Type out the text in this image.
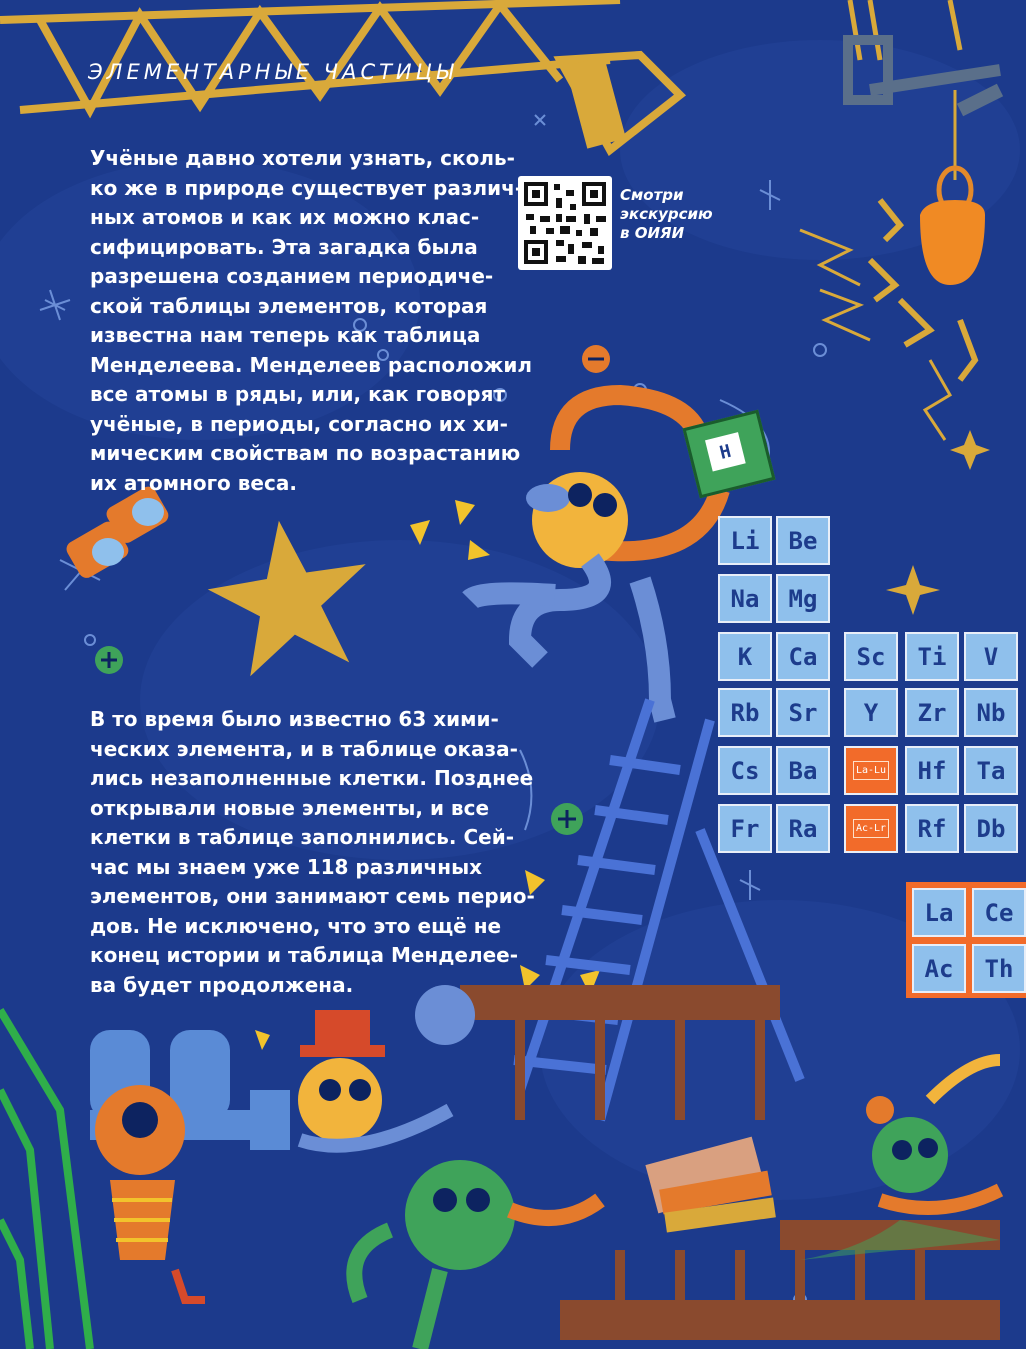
ЭЛЕМЕНТАРНЫЕ ЧАСТИЦЫ
Учёные давно хотели узнать, сколь-
ко же в природе существует различ-
ных атомов и как их можно клас-
сифицировать. Эта загадка была
разрешена созданием периодиче-
ской таблицы элементов, которая
известна нам теперь как таблица
Менделеева. Менделеев расположил
все атомы в ряды, или, как говорят
учёные, в периоды, согласно их хи-
мическим свойствам по возрастанию
их атомного веса.
В то время было известно 63 хими-
ческих элемента, и в таблице оказа-
лись незаполненные клетки. Позднее
открывали новые элементы, и все
клетки в таблице заполнились. Сей-
час мы знаем уже 118 различных
элементов, они занимают семь перио-
дов. Не исключено, что это ещё не
конец истории и таблица Менделее-
ва будет продолжена.
Смотри
экскурсию
в ОИЯИ
H
Li	Be
Na	Mg
K	Ca	Sc	Ti	V
Rb	Sr	Y	Zr	Nb
Cs	Ba	La-Lu	Hf	Ta
Fr	Ra	Ac-Lr	Rf	Db
La	Ce
Ac	Th
